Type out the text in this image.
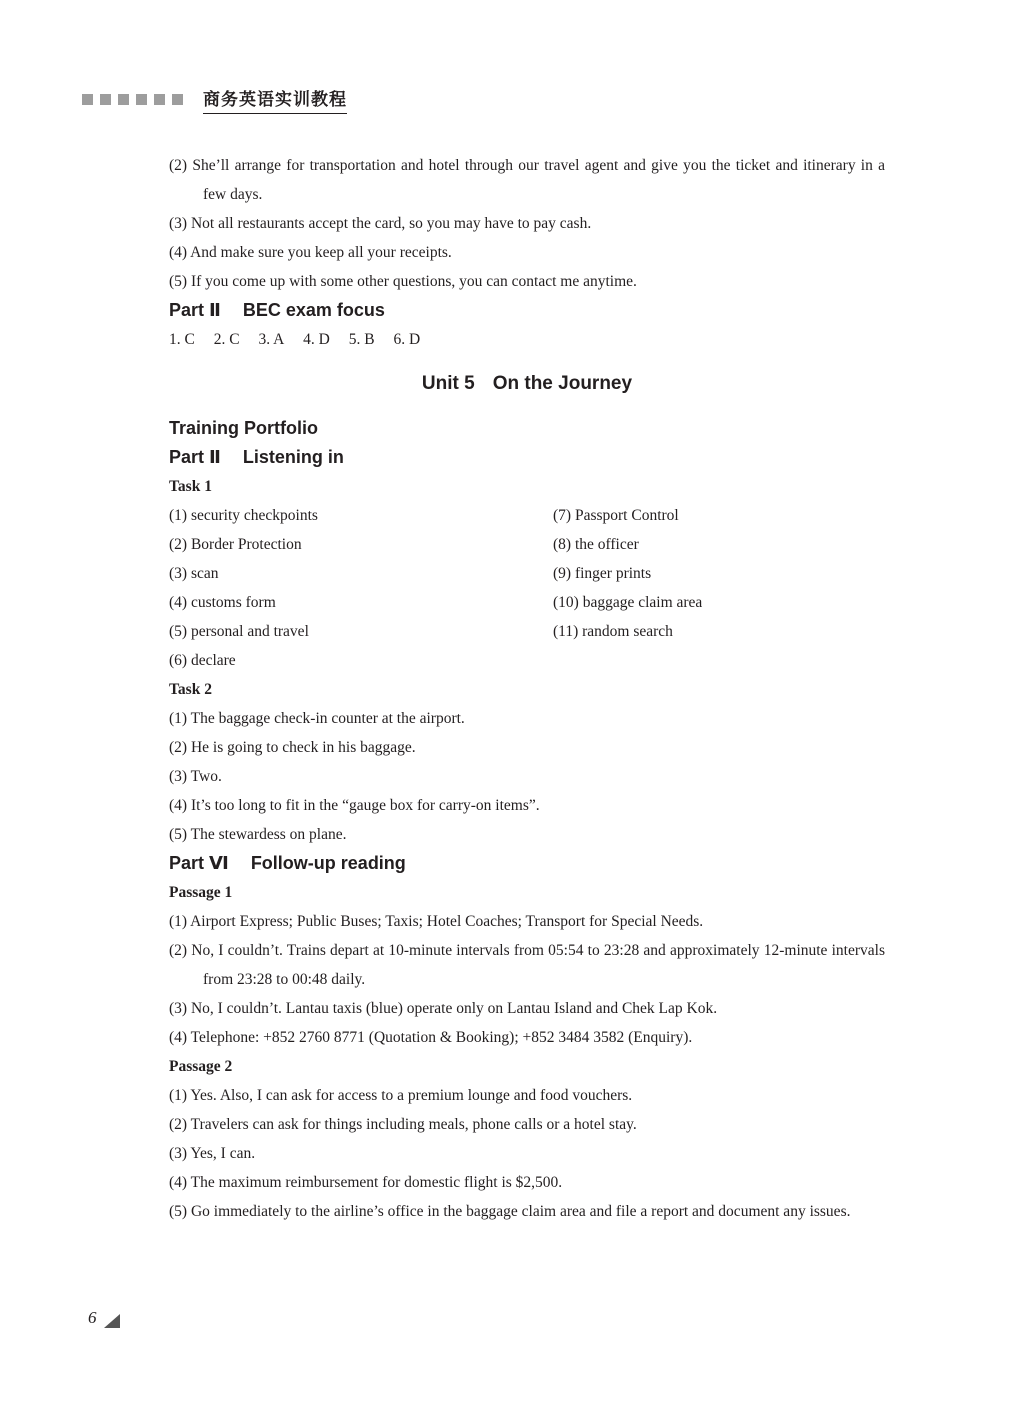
商务英语实训教程
(2) She’ll arrange for transportation and hotel through our travel agent and give you the ticket and itinerary in a few days.
(3) Not all restaurants accept the card, so you may have to pay cash.
(4) And make sure you keep all your receipts.
(5) If you come up with some other questions, you can contact me anytime.
Part Ⅱ BEC exam focus
1. C 2. C 3. A 4. D 5. B 6. D
Unit 5 On the Journey
Training Portfolio
Part Ⅱ Listening in
Task 1
(1) security checkpoints
(2) Border Protection
(3) scan
(4) customs form
(5) personal and travel
(6) declare
(7) Passport Control
(8) the officer
(9) finger prints
(10) baggage claim area
(11) random search
Task 2
(1) The baggage check-in counter at the airport.
(2) He is going to check in his baggage.
(3) Two.
(4) It’s too long to fit in the “gauge box for carry-on items”.
(5) The stewardess on plane.
Part Ⅵ Follow-up reading
Passage 1
(1) Airport Express; Public Buses; Taxis; Hotel Coaches; Transport for Special Needs.
(2) No, I couldn’t. Trains depart at 10-minute intervals from 05:54 to 23:28 and approximately 12-minute intervals from 23:28 to 00:48 daily.
(3) No, I couldn’t. Lantau taxis (blue) operate only on Lantau Island and Chek Lap Kok.
(4) Telephone: +852 2760 8771 (Quotation & Booking); +852 3484 3582 (Enquiry).
Passage 2
(1) Yes. Also, I can ask for access to a premium lounge and food vouchers.
(2) Travelers can ask for things including meals, phone calls or a hotel stay.
(3) Yes, I can.
(4) The maximum reimbursement for domestic flight is $2,500.
(5) Go immediately to the airline’s office in the baggage claim area and file a report and document any issues.
6
